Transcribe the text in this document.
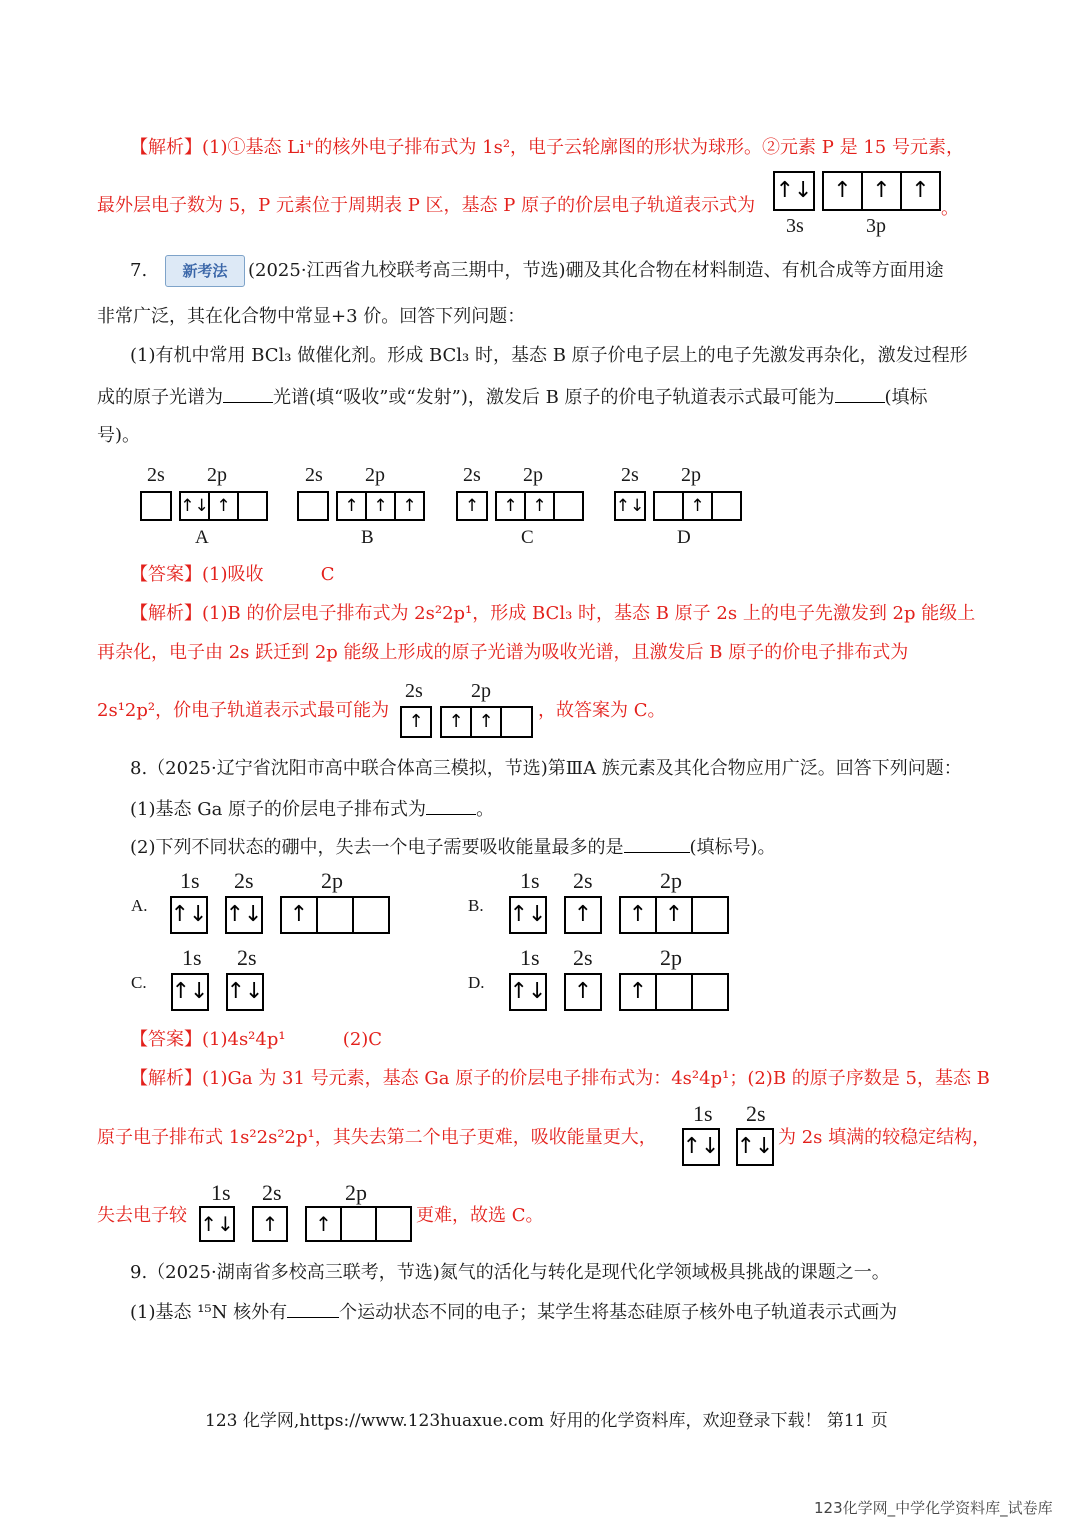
【解析】(1)①基态 Li⁺的核外电子排布式为 1s²，电子云轮廓图的形状为球形。②元素 P 是 15 号元素，
最外层电子数为 5，P 元素位于周期表 P 区，基态 P 原子的价层电子轨道表示式为
↑↓ ↑ ↑ ↑
。
3s	3p
7.	新考法	(2025·江西省九校联考高三期中，节选)硼及其化合物在材料制造、有机合成等方面用途
非常广泛，其在化合物中常显+3 价。回答下列问题：
(1)有机中常用 BCl₃ 做催化剂。形成 BCl₃ 时，基态 B 原子价电子层上的电子先激发再杂化，激发过程形
成的原子光谱为	光谱(填“吸收”或“发射”)，激发后 B 原子的价电子轨道表示式最可能为	(填标
号)。
2s 2p
↑↓ ↑
A
2s 2p
↑ ↑ ↑
B
2s 2p
↑ ↑ ↑
C
2s 2p
↑↓	↑
D
【答案】(1)吸收          C
【解析】(1)B 的价层电子排布式为 2s²2p¹，形成 BCl₃ 时，基态 B 原子 2s 上的电子先激发到 2p 能级上
再杂化，电子由 2s 跃迁到 2p 能级上形成的原子光谱为吸收光谱，且激发后 B 原子的价电子排布式为
2s¹2p²，价电子轨道表示式最可能为
2s 2p
↑ ↑ ↑
，故答案为 C。
8.（2025·辽宁省沈阳市高中联合体高三模拟，节选)第ⅢA 族元素及其化合物应用广泛。回答下列问题：
(1)基态 Ga 原子的价层电子排布式为	。
(2)下列不同状态的硼中，失去一个电子需要吸收能量最多的是	(填标号)。
A.
1s 2s	2p
↑↓ ↑↓ ↑	B.
1s 2s	2p
↑↓ ↑ ↑ ↑
C.
1s 2s
↑↓ ↑↓	D.
1s 2s	2p
↑↓ ↑ ↑
【答案】(1)4s²4p¹          (2)C
【解析】(1)Ga 为 31 号元素，基态 Ga 原子的价层电子排布式为：4s²4p¹；(2)B 的原子序数是 5，基态 B
原子电子排布式 1s²2s²2p¹，其失去第二个电子更难，吸收能量更大，
1s 2s
↑↓ ↑↓ 为 2s 填满的较稳定结构，
失去电子较
1s 2s	2p
↑↓ ↑ ↑	更难，故选 C。
9.（2025·湖南省多校高三联考，节选)氮气的活化与转化是现代化学领域极具挑战的课题之一。
(1)基态 ¹⁵N 核外有	个运动状态不同的电子；某学生将基态硅原子核外电子轨道表示式画为
123 化学网,https://www.123huaxue.com 好用的化学资料库，欢迎登录下载！ 第11 页
123化学网_中学化学资料库_试卷库
